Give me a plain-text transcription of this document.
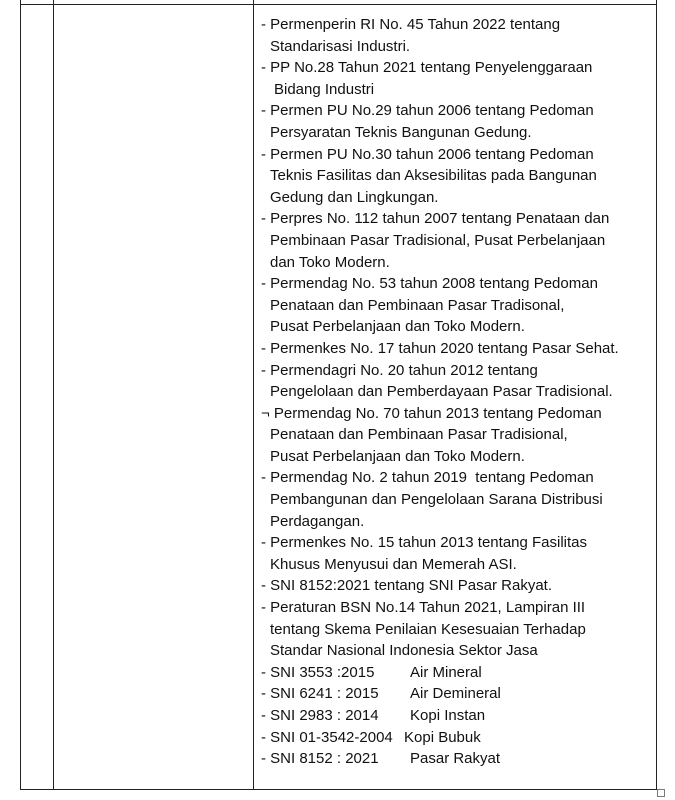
- Permenperin RI No. 45 Tahun 2022 tentang
Standarisasi Industri.
- PP No.28 Tahun 2021 tentang Penyelenggaraan
Bidang Industri
- Permen PU No.29 tahun 2006 tentang Pedoman
Persyaratan Teknis Bangunan Gedung.
- Permen PU No.30 tahun 2006 tentang Pedoman
Teknis Fasilitas dan Aksesibilitas pada Bangunan
Gedung dan Lingkungan.
- Perpres No. 112 tahun 2007 tentang Penataan dan
Pembinaan Pasar Tradisional, Pusat Perbelanjaan
dan Toko Modern.
- Permendag No. 53 tahun 2008 tentang Pedoman
Penataan dan Pembinaan Pasar Tradisonal,
Pusat Perbelanjaan dan Toko Modern.
- Permenkes No. 17 tahun 2020 tentang Pasar Sehat.
- Permendagri No. 20 tahun 2012 tentang
Pengelolaan dan Pemberdayaan Pasar Tradisional.
¬ Permendag No. 70 tahun 2013 tentang Pedoman
Penataan dan Pembinaan Pasar Tradisional,
Pusat Perbelanjaan dan Toko Modern.
- Permendag No. 2 tahun 2019  tentang Pedoman
Pembangunan dan Pengelolaan Sarana Distribusi
Perdagangan.
- Permenkes No. 15 tahun 2013 tentang Fasilitas
Khusus Menyusui dan Memerah ASI.
- SNI 8152:2021 tentang SNI Pasar Rakyat.
- Peraturan BSN No.14 Tahun 2021, Lampiran III
tentang Skema Penilaian Kesesuaian Terhadap
Standar Nasional Indonesia Sektor Jasa
- SNI 3553 :2015	Air Mineral
- SNI 6241 : 2015	Air Demineral
- SNI 2983 : 2014	Kopi Instan
- SNI 01-3542-2004 Kopi Bubuk
- SNI 8152 : 2021	Pasar Rakyat
